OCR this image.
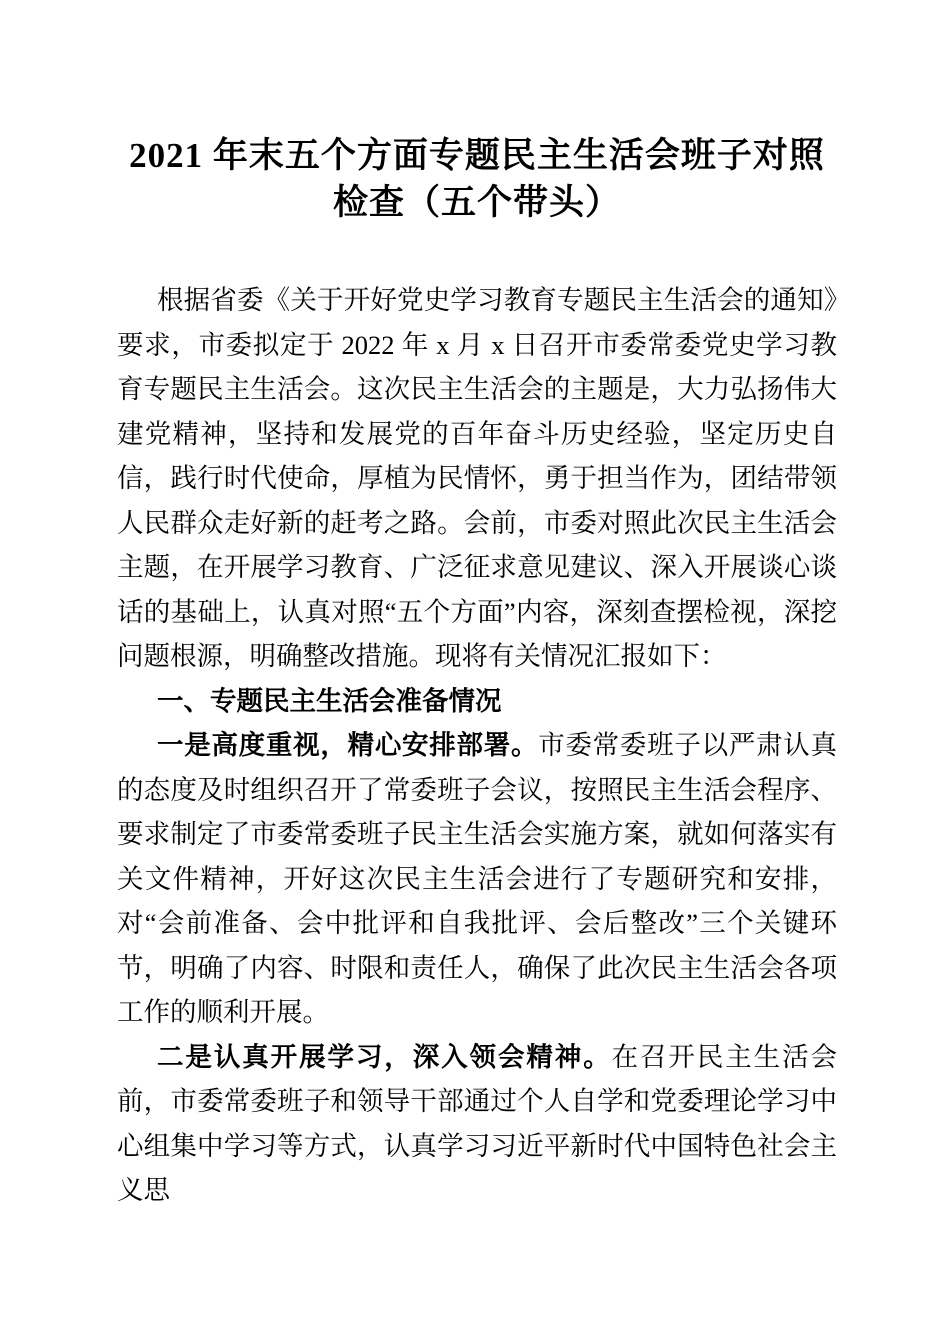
2021 年末五个方面专题民主生活会班子对照
检查（五个带头）

根据省委《关于开好党史学习教育专题民主生活会的通知》要求，市委拟定于 2022 年 x 月 x 日召开市委常委党史学习教育专题民主生活会。这次民主生活会的主题是，大力弘扬伟大建党精神，坚持和发展党的百年奋斗历史经验，坚定历史自信，践行时代使命，厚植为民情怀，勇于担当作为，团结带领人民群众走好新的赶考之路。会前，市委对照此次民主生活会主题，在开展学习教育、广泛征求意见建议、深入开展谈心谈话的基础上，认真对照“五个方面”内容，深刻查摆检视，深挖问题根源，明确整改措施。现将有关情况汇报如下：

一、专题民主生活会准备情况

一是高度重视，精心安排部署。市委常委班子以严肃认真的态度及时组织召开了常委班子会议，按照民主生活会程序、要求制定了市委常委班子民主生活会实施方案，就如何落实有关文件精神，开好这次民主生活会进行了专题研究和安排，对“会前准备、会中批评和自我批评、会后整改”三个关键环节，明确了内容、时限和责任人，确保了此次民主生活会各项工作的顺利开展。

二是认真开展学习，深入领会精神。在召开民主生活会前，市委常委班子和领导干部通过个人自学和党委理论学习中心组集中学习等方式，认真学习习近平新时代中国特色社会主义思
